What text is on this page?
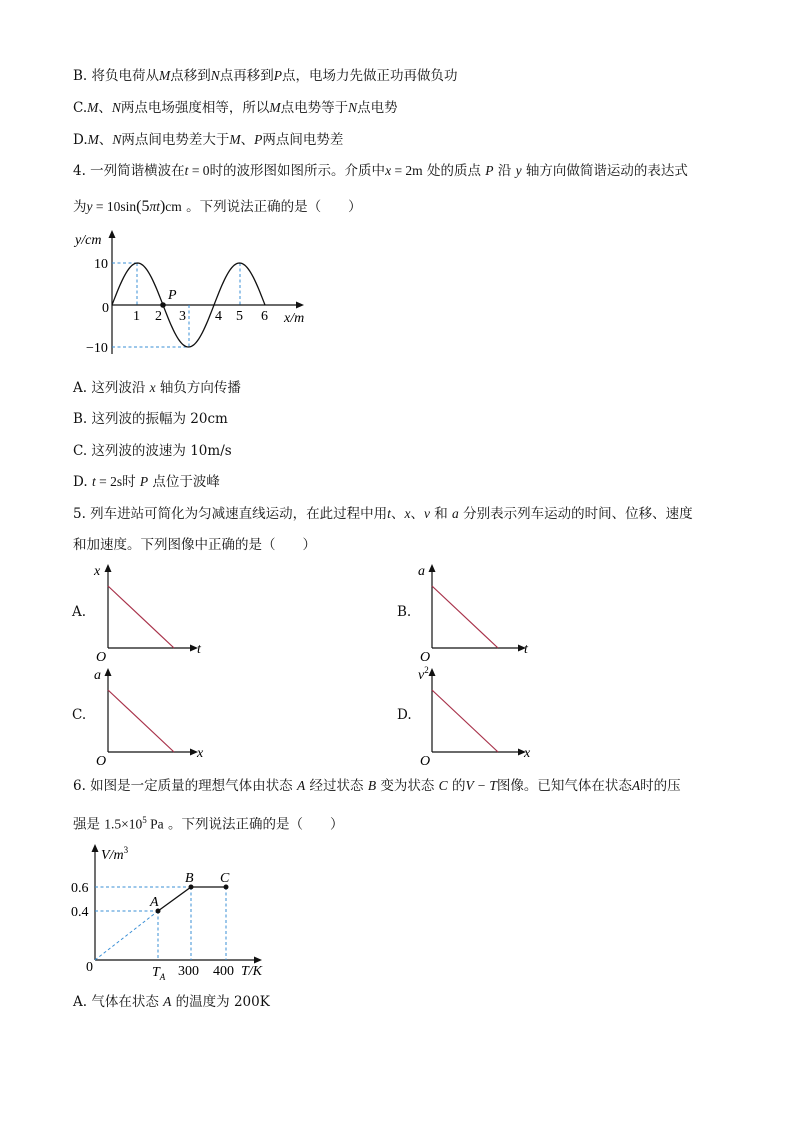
B. 将负电荷从M点移到N点再移到P点，电场力先做正功再做负功
C.M、N两点电场强度相等，所以M点电势等于N点电势
D.M、N两点间电势差大于M、P两点间电势差
4. 一列简谐横波在t = 0时的波形图如图所示。介质中x = 2m 处的质点 P 沿 y 轴方向做简谐运动的表达式
为y = 10sin(5πt)cm 。下列说法正确的是（　　）
y/cm
10
−10
0
1 2 3 4 5 6 x/m
P
A. 这列波沿 x 轴负方向传播
B. 这列波的振幅为 20cm
C. 这列波的波速为 10m/s
D. t = 2s时 P 点位于波峰
5. 列车进站可简化为匀减速直线运动，在此过程中用t、x、v 和 a 分别表示列车运动的时间、位移、速度
和加速度。下列图像中正确的是（　　）
A.
x
O
t
B.
a
O
t
C.
a
O
x
D.
$v^2$
O
x
6. 如图是一定质量的理想气体由状态 A 经过状态 B 变为状态 C 的V − T图像。已知气体在状态A时的压
强是 $1.5\times 10^5$ Pa 。下列说法正确的是（　　）
$V/m^3$
0.6
0.4
0	$T_A$ 300 400 T/K
A
B C
A. 气体在状态 A 的温度为 200K
